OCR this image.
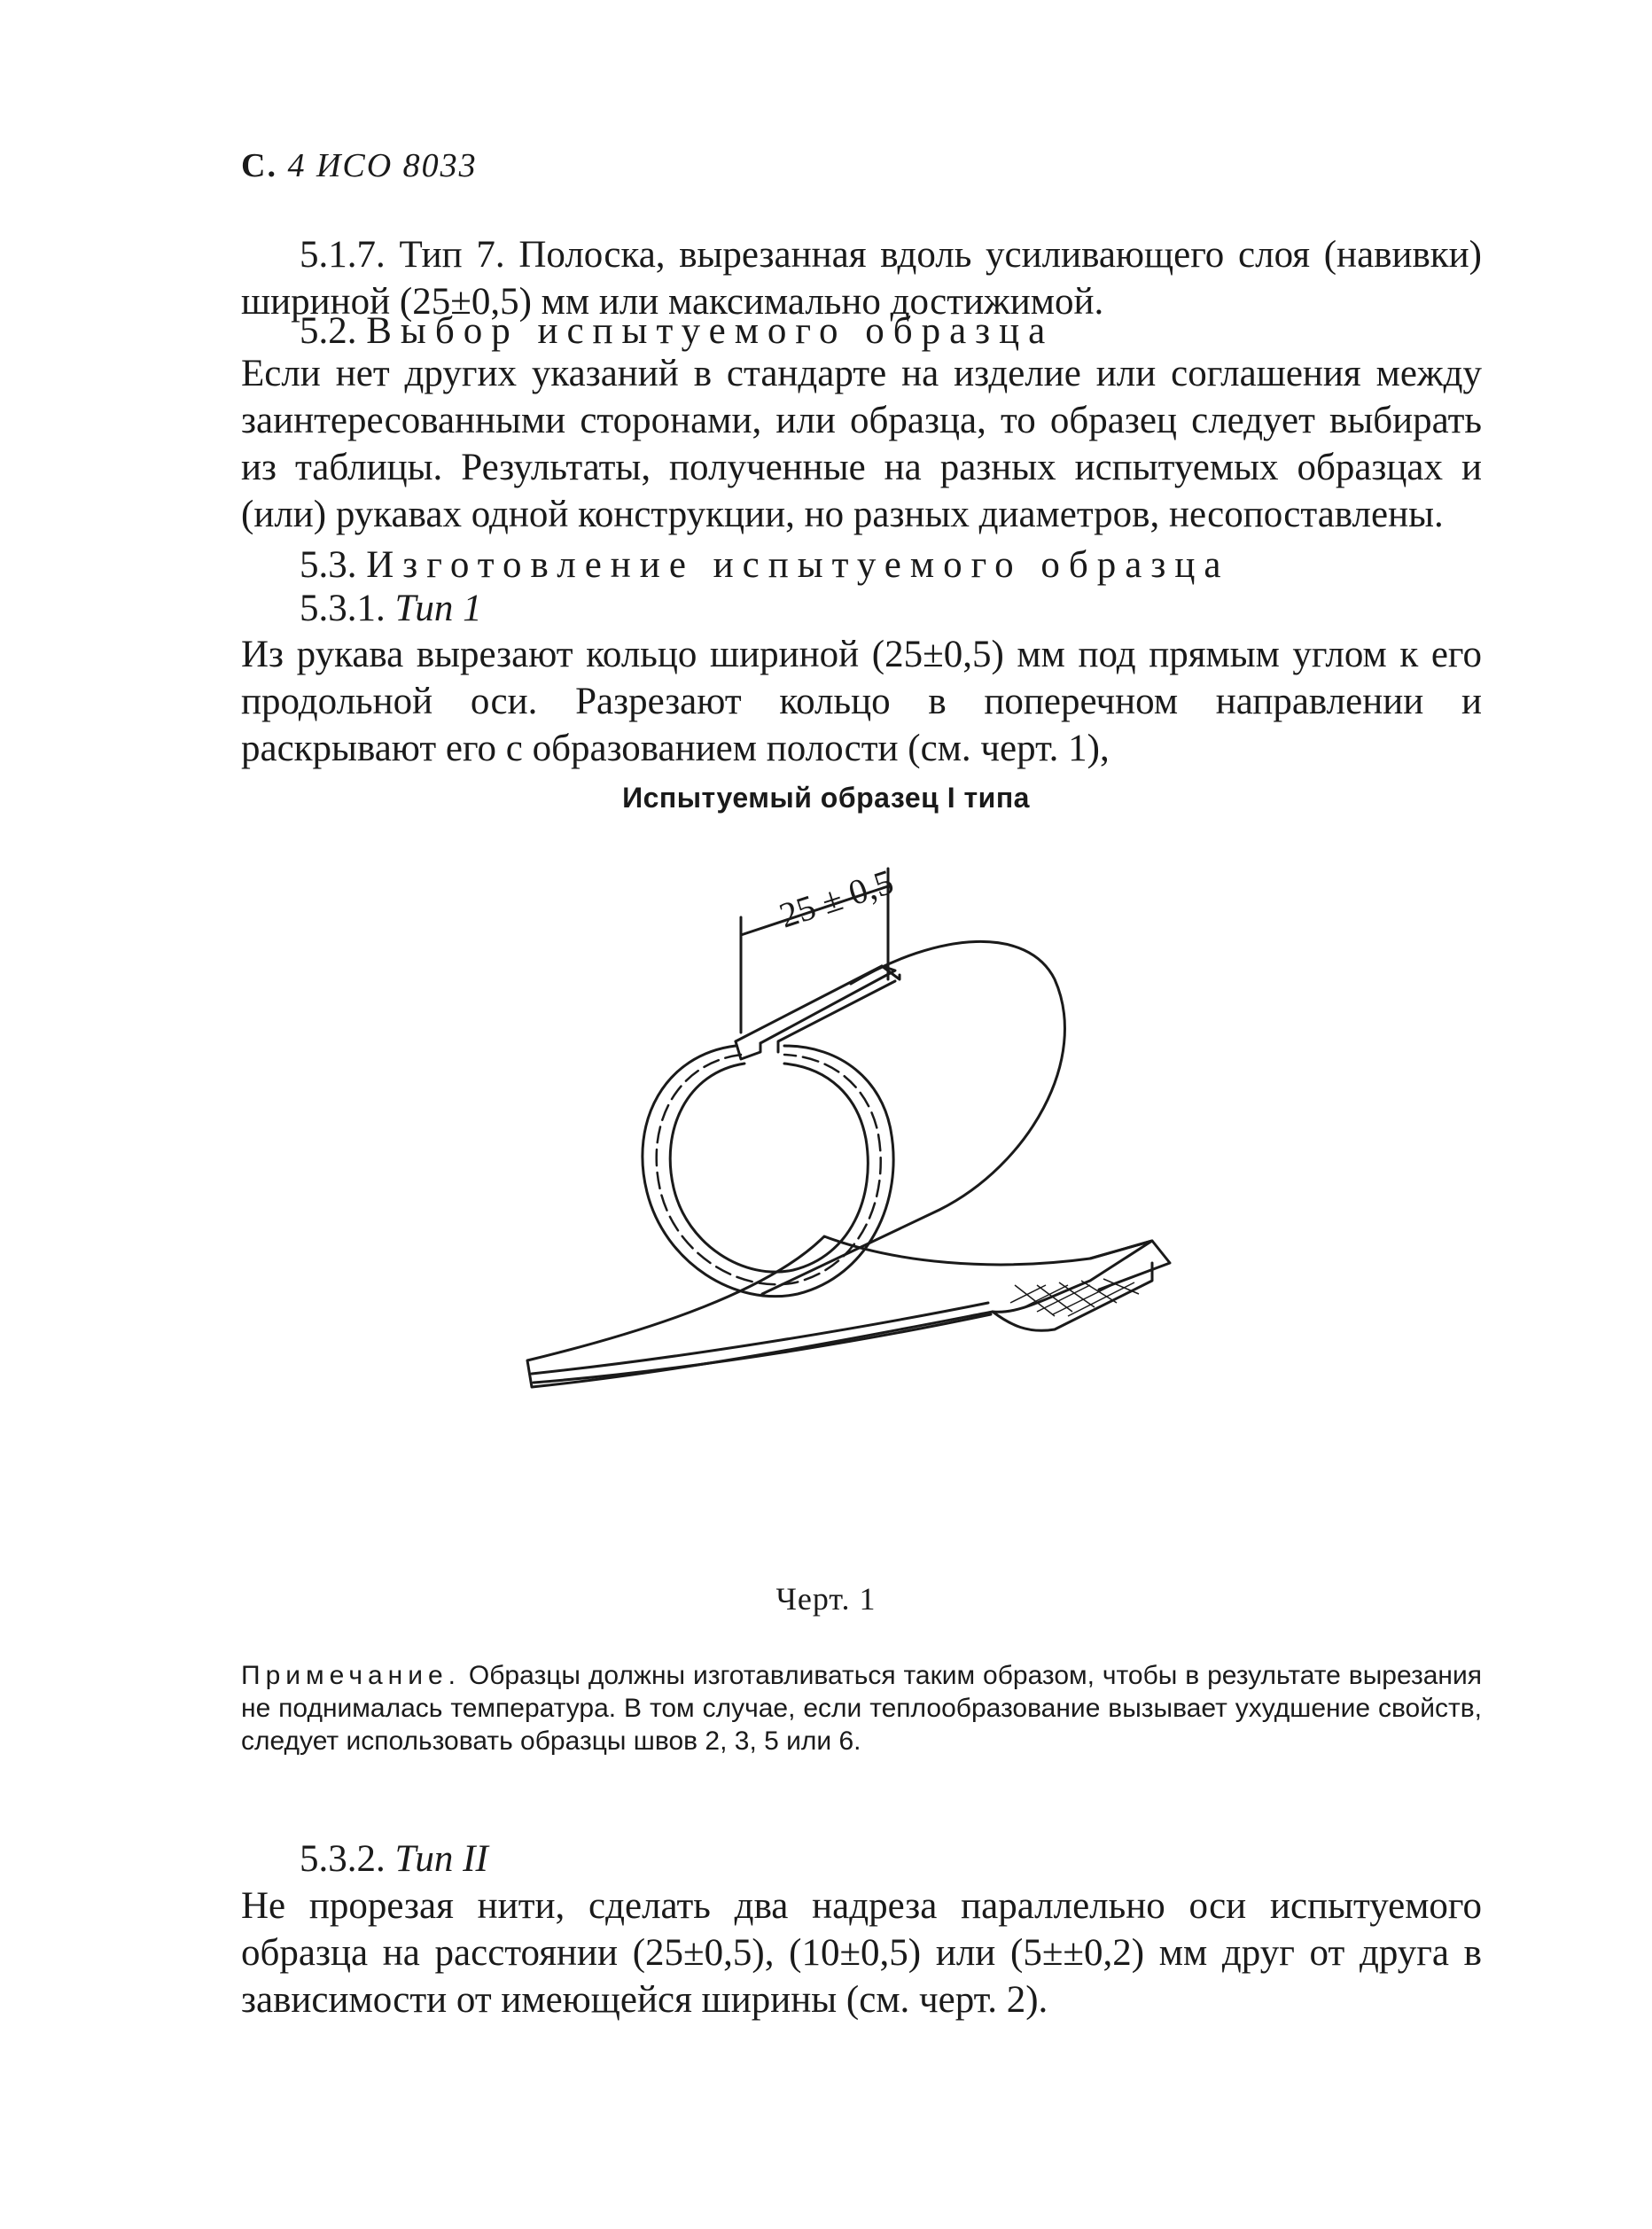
С. 4 ИСО 8033
5.1.7. Тип 7. Полоска, вырезанная вдоль усиливающего слоя (навивки) шириной (25±0,5) мм или максимально достижимой.
5.2. Выбор испытуемого образца
Если нет других указаний в стандарте на изделие или соглашения между заинтересованными сторонами, или образца, то образец следует выбирать из таблицы. Результаты, полученные на разных испытуемых образцах и (или) рукавах одной конструкции, но разных диаметров, несопоставлены.
5.3. Изготовление испытуемого образца
5.3.1. Тип 1
Из рукава вырезают кольцо шириной (25±0,5) мм под прямым углом к его продольной оси. Разрезают кольцо в поперечном направлении и раскрывают его с образованием полости (см. черт. 1),
Испытуемый образец I типа
25 ± 0,5
Черт. 1
Примечание. Образцы должны изготавливаться таким образом, чтобы в результате вырезания не поднималась температура. В том случае, если теплообразование вызывает ухудшение свойств, следует использовать образцы швов 2, 3, 5 или 6.
5.3.2. Тип II
Не прорезая нити, сделать два надреза параллельно оси испытуемого образца на расстоянии (25±0,5), (10±0,5) или (5±±0,2) мм друг от друга в зависимости от имеющейся ширины (см. черт. 2).
